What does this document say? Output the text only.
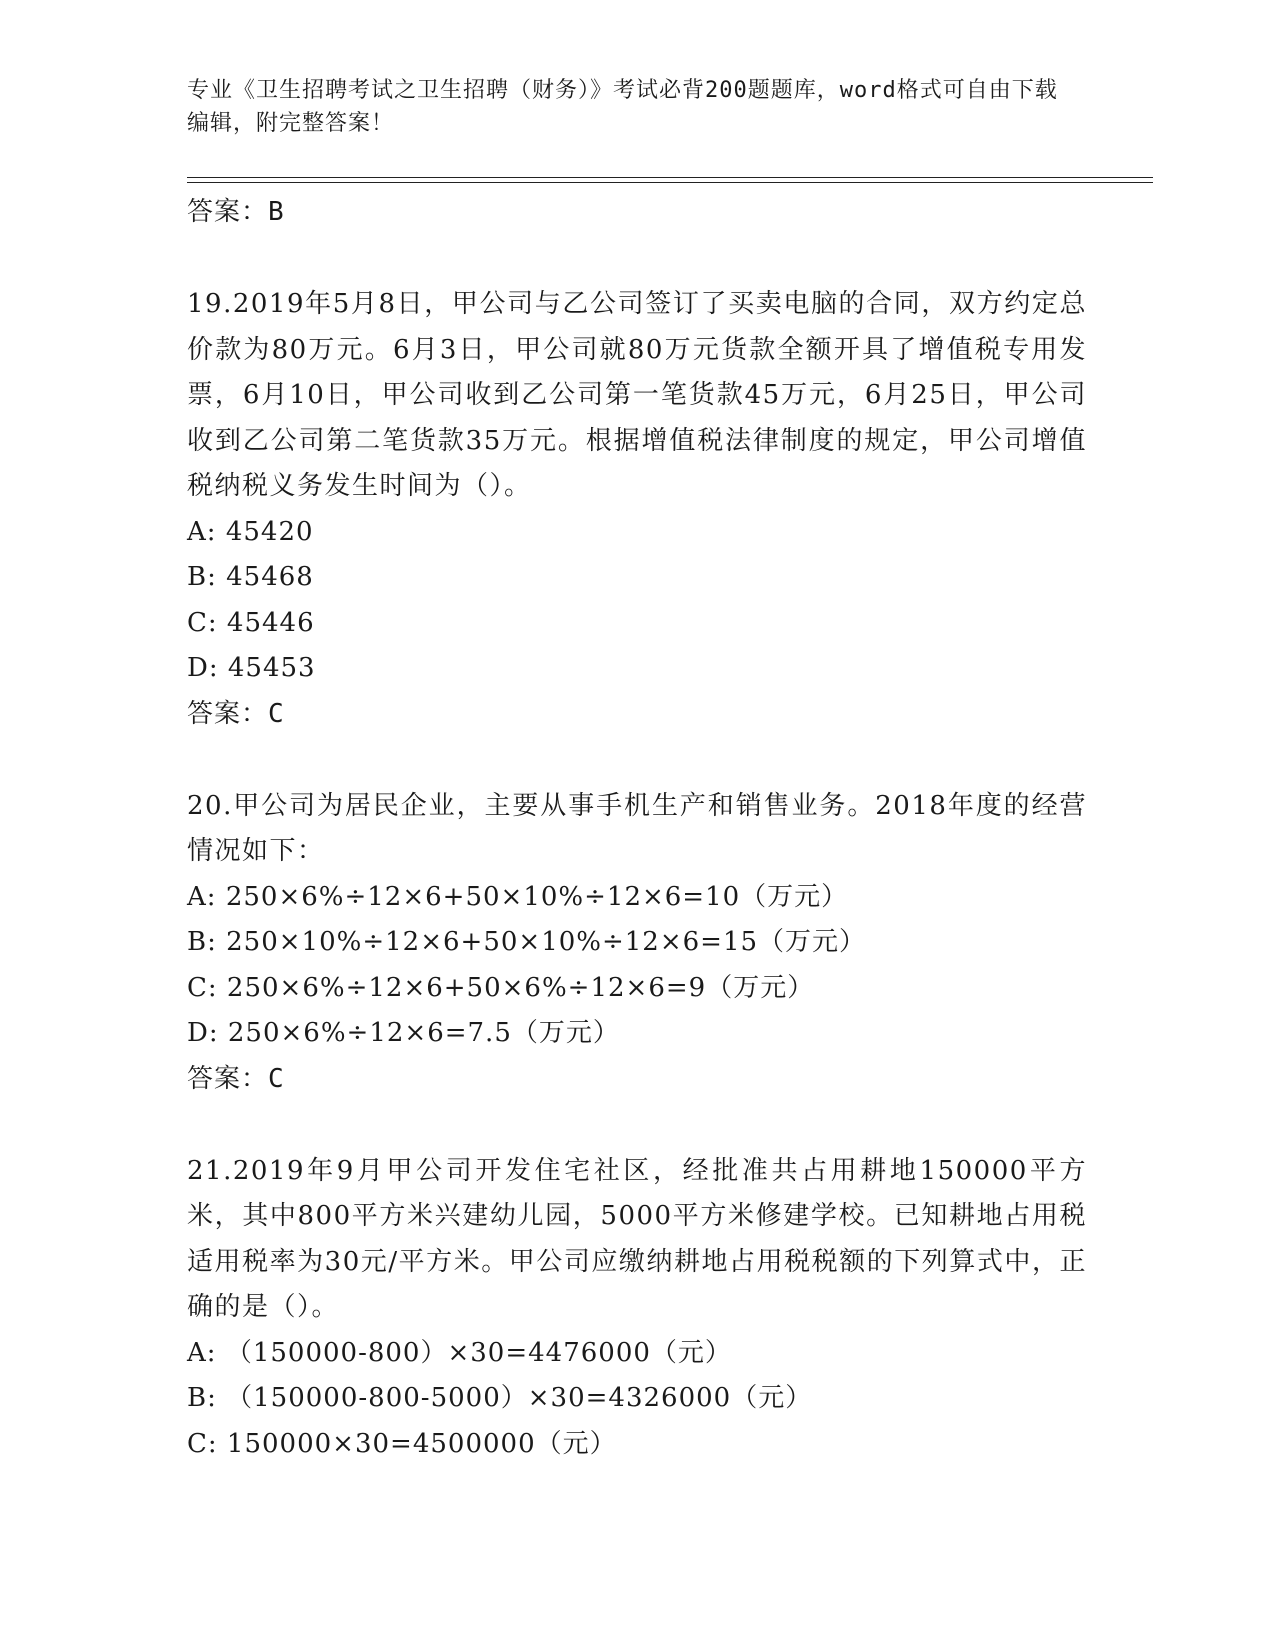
专业《卫生招聘考试之卫生招聘（财务）》考试必背200题题库，word格式可自由下载编辑，附完整答案！
答案：B
19.2019年5月8日，甲公司与乙公司签订了买卖电脑的合同，双方约定总价款为80万元。6月3日，甲公司就80万元货款全额开具了增值税专用发票，6月10日，甲公司收到乙公司第一笔货款45万元，6月25日，甲公司收到乙公司第二笔货款35万元。根据增值税法律制度的规定，甲公司增值税纳税义务发生时间为（）。
A: 45420
B: 45468
C: 45446
D: 45453
答案：C
20.甲公司为居民企业，主要从事手机生产和销售业务。2018年度的经营情况如下：
A: 250×6%÷12×6+50×10%÷12×6=10（万元）
B: 250×10%÷12×6+50×10%÷12×6=15（万元）
C: 250×6%÷12×6+50×6%÷12×6=9（万元）
D: 250×6%÷12×6=7.5（万元）
答案：C
21.2019年9月甲公司开发住宅社区，经批准共占用耕地150000平方米，其中800平方米兴建幼儿园，5000平方米修建学校。已知耕地占用税适用税率为30元/平方米。甲公司应缴纳耕地占用税税额的下列算式中，正确的是（）。
A: （150000-800）×30=4476000（元）
B: （150000-800-5000）×30=4326000（元）
C: 150000×30=4500000（元）
